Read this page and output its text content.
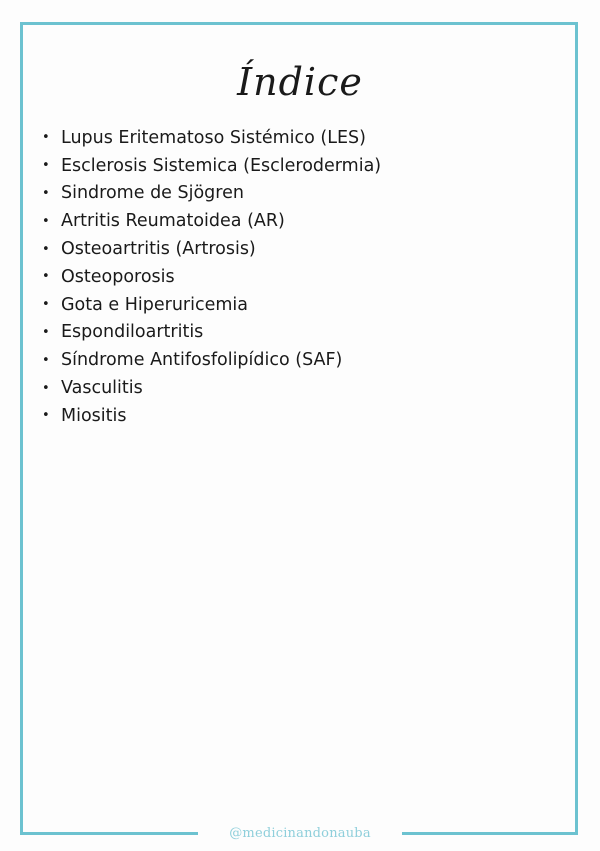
Índice
• Lupus Eritematoso Sistémico (LES)
• Esclerosis Sistemica (Esclerodermia)
• Sindrome de Sjögren
• Artritis Reumatoidea (AR)
• Osteoartritis (Artrosis)
• Osteoporosis
• Gota e Hiperuricemia
• Espondiloartritis
• Síndrome Antifosfolipídico (SAF)
• Vasculitis
• Miositis
@medicinandonauba
